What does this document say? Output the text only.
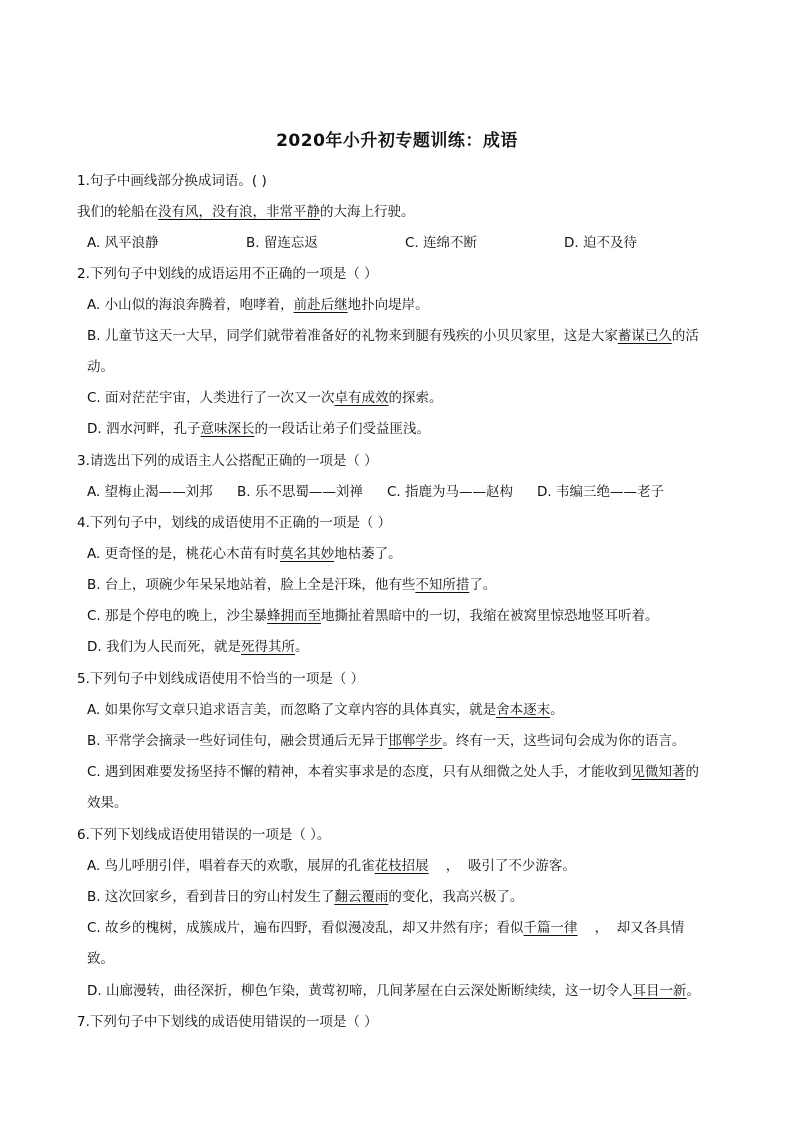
2020年小升初专题训练：成语
1.句子中画线部分换成词语。( )
我们的轮船在没有风，没有浪，非常平静的大海上行驶。
A. 风平浪静	B. 留连忘返	C. 连绵不断	D. 迫不及待
2.下列句子中划线的成语运用不正确的一项是（ ）
A. 小山似的海浪奔腾着，咆哮着，前赴后继地扑向堤岸。
B. 儿童节这天一大早，同学们就带着准备好的礼物来到腿有残疾的小贝贝家里，这是大家蓄谋已久的活
动。
C. 面对茫茫宇宙，人类进行了一次又一次卓有成效的探索。
D. 泗水河畔，孔子意味深长的一段话让弟子们受益匪浅。
3.请选出下列的成语主人公搭配正确的一项是（ ）
A. 望梅止渴——刘邦	B. 乐不思蜀——刘禅	C. 指鹿为马——赵构	D. 韦编三绝——老子
4.下列句子中，划线的成语使用不正确的一项是（ ）
A. 更奇怪的是，桃花心木苗有时莫名其妙地枯萎了。
B. 台上，项碗少年呆呆地站着，脸上全是汗珠，他有些不知所措了。
C. 那是个停电的晚上，沙尘暴蜂拥而至地撕扯着黑暗中的一切，我缩在被窝里惊恐地竖耳听着。
D. 我们为人民而死，就是死得其所。
5.下列句子中划线成语使用不恰当的一项是（ ）
A. 如果你写文章只追求语言美，而忽略了文章内容的具体真实，就是舍本逐末。
B. 平常学会摘录一些好词佳句，融会贯通后无异于邯郸学步。终有一天，这些词句会成为你的语言。
C. 遇到困难要发扬坚持不懈的精神，本着实事求是的态度，只有从细微之处人手，才能收到见微知著的
效果。
6.下列下划线成语使用错误的一项是（ ）。
A. 鸟儿呼朋引伴，唱着春天的欢歌，展屏的孔雀花枝招展    ，  吸引了不少游客。
B. 这次回家乡，看到昔日的穷山村发生了翻云覆雨的变化，我高兴极了。
C. 故乡的槐树，成簇成片，遍布四野，看似漫凌乱，却又井然有序；看似千篇一律    ，  却又各具情
致。
D. 山廊漫转，曲径深折，柳色乍染，黄莺初啼，几间茅屋在白云深处断断续续，这一切令人耳目一新。
7.下列句子中下划线的成语使用错误的一项是（ ）
